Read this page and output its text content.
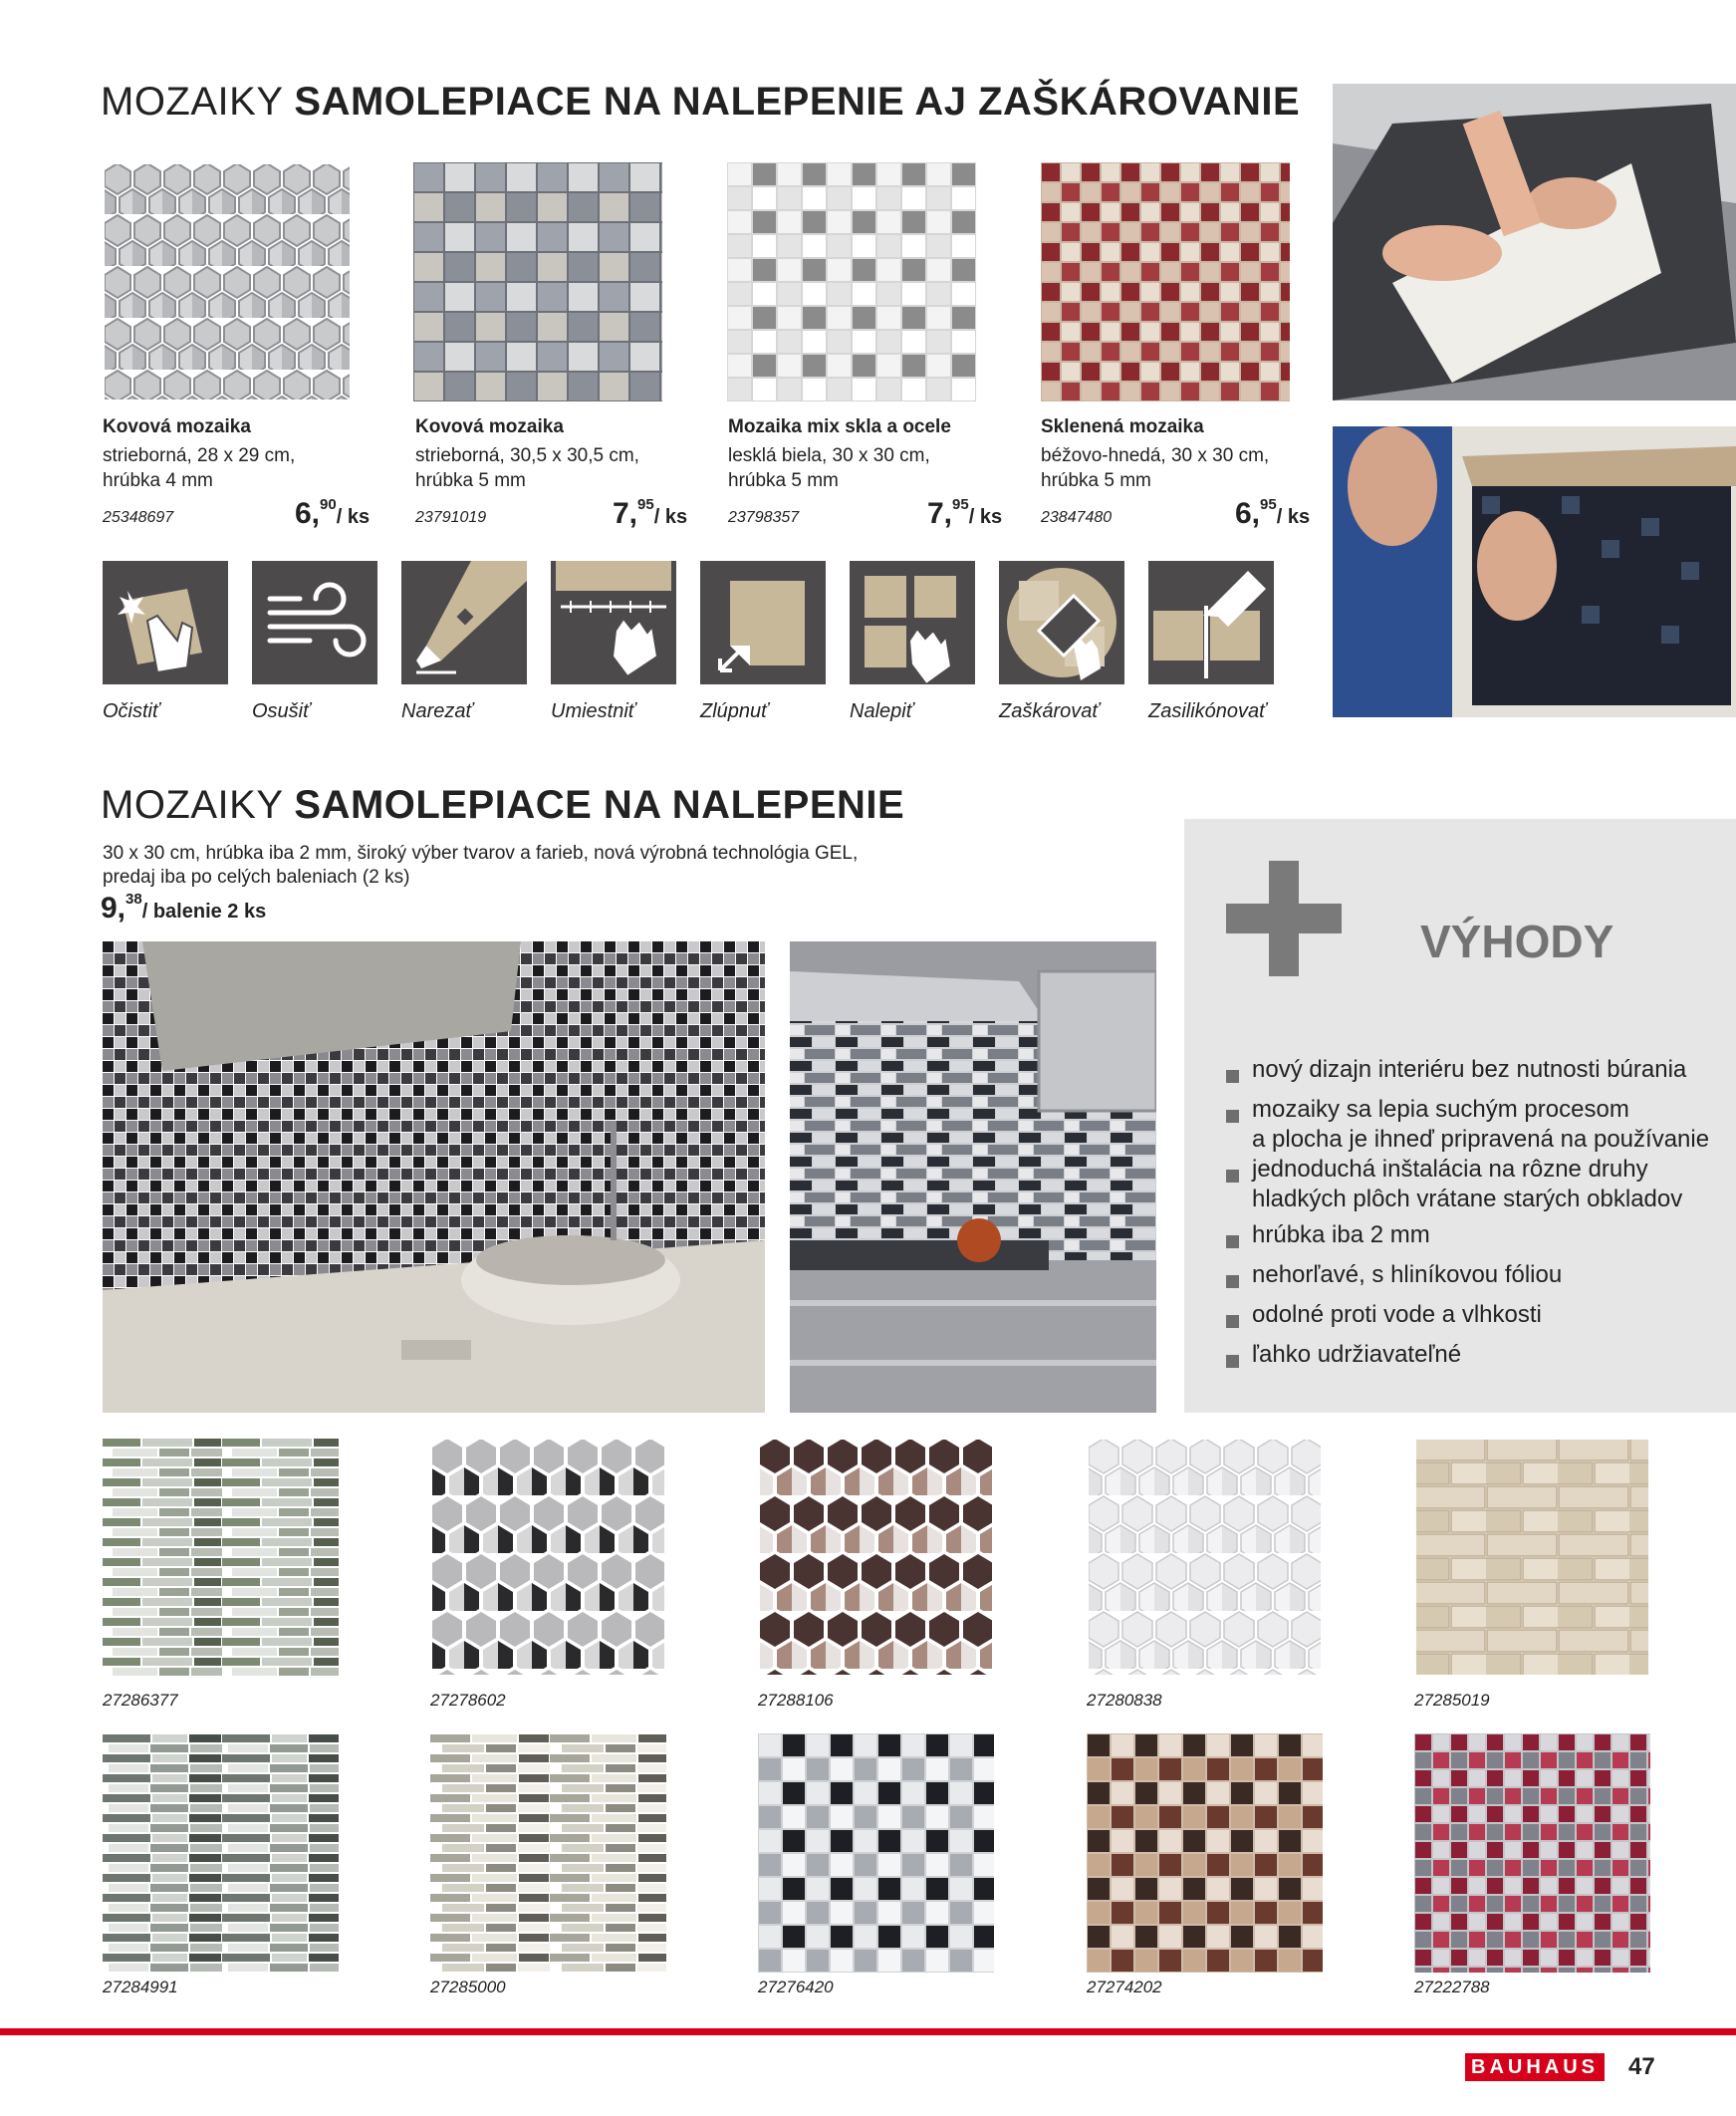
MOZAIKY SAMOLEPIACE NA NALEPENIE AJ ZAŠKÁROVANIE
Kovová mozaika
strieborná, 28 x 29 cm,
hrúbka 4 mm
25348697	6,90/ ks
Kovová mozaika
strieborná, 30,5 x 30,5 cm,
hrúbka 5 mm
23791019	7,95/ ks
Mozaika mix skla a ocele
lesklá biela, 30 x 30 cm,
hrúbka 5 mm
23798357	7,95/ ks
Sklenená mozaika
béžovo-hnedá, 30 x 30 cm,
hrúbka 5 mm
23847480	6,95/ ks
Očistiť	Osušiť	Narezať	Umiestniť	Zlúpnuť	Nalepiť	Zaškárovať Zasilikónovať
MOZAIKY SAMOLEPIACE NA NALEPENIE
30 x 30 cm, hrúbka iba 2 mm, široký výber tvarov a farieb, nová výrobná technológia GEL,
predaj iba po celých baleniach (2 ks)
9,38/ balenie 2 ks
VÝHODY
nový dizajn interiéru bez nutnosti búrania
mozaiky sa lepia suchým procesom
a plocha je ihneď pripravená na používanie
jednoduchá inštalácia na rôzne druhy
hladkých plôch vrátane starých obkladov
hrúbka iba 2 mm
nehorľavé, s hliníkovou fóliou
odolné proti vode a vlhkosti
ľahko udržiavateľné
27286377	27278602	27288106	27280838	27285019
27284991	27285000	27276420	27274202	27222788
BAUHAUS 47
